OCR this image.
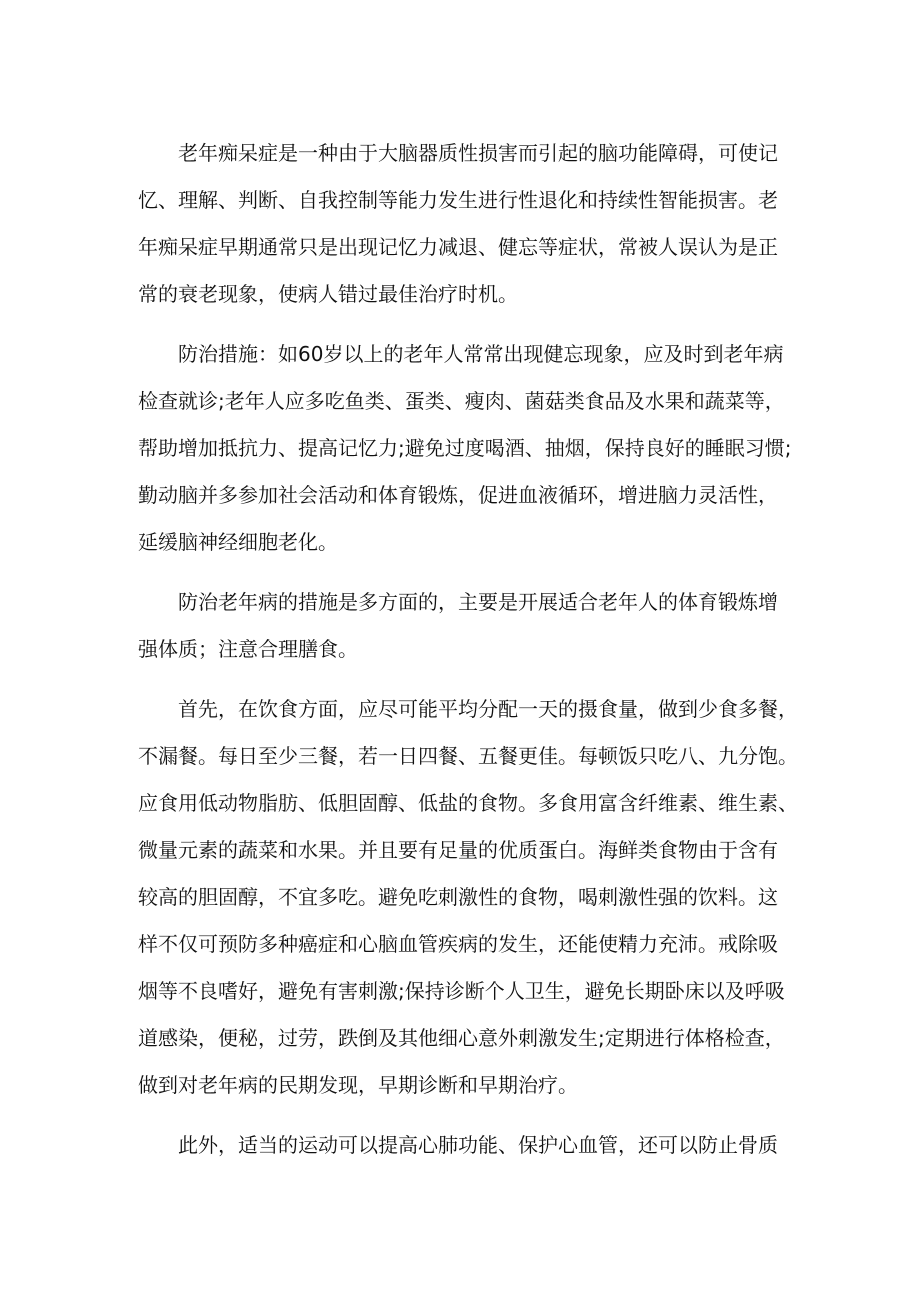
老年痴呆症是一种由于大脑器质性损害而引起的脑功能障碍，可使记
忆、理解、判断、自我控制等能力发生进行性退化和持续性智能损害。老
年痴呆症早期通常只是出现记忆力减退、健忘等症状，常被人误认为是正
常的衰老现象，使病人错过最佳治疗时机。
防治措施：如60岁以上的老年人常常出现健忘现象，应及时到老年病
检查就诊;老年人应多吃鱼类、蛋类、瘦肉、菌菇类食品及水果和蔬菜等，
帮助增加抵抗力、提高记忆力;避免过度喝酒、抽烟，保持良好的睡眠习惯;
勤动脑并多参加社会活动和体育锻炼，促进血液循环，增进脑力灵活性，
延缓脑神经细胞老化。
防治老年病的措施是多方面的，主要是开展适合老年人的体育锻炼增
强体质；注意合理膳食。
首先，在饮食方面，应尽可能平均分配一天的摄食量，做到少食多餐，
不漏餐。每日至少三餐，若一日四餐、五餐更佳。每顿饭只吃八、九分饱。
应食用低动物脂肪、低胆固醇、低盐的食物。多食用富含纤维素、维生素、
微量元素的蔬菜和水果。并且要有足量的优质蛋白。海鲜类食物由于含有
较高的胆固醇，不宜多吃。避免吃刺激性的食物，喝刺激性强的饮料。这
样不仅可预防多种癌症和心脑血管疾病的发生，还能使精力充沛。戒除吸
烟等不良嗜好，避免有害刺激;保持诊断个人卫生，避免长期卧床以及呼吸
道感染，便秘，过劳，跌倒及其他细心意外刺激发生;定期进行体格检查，
做到对老年病的民期发现，早期诊断和早期治疗。
此外，适当的运动可以提高心肺功能、保护心血管，还可以防止骨质
